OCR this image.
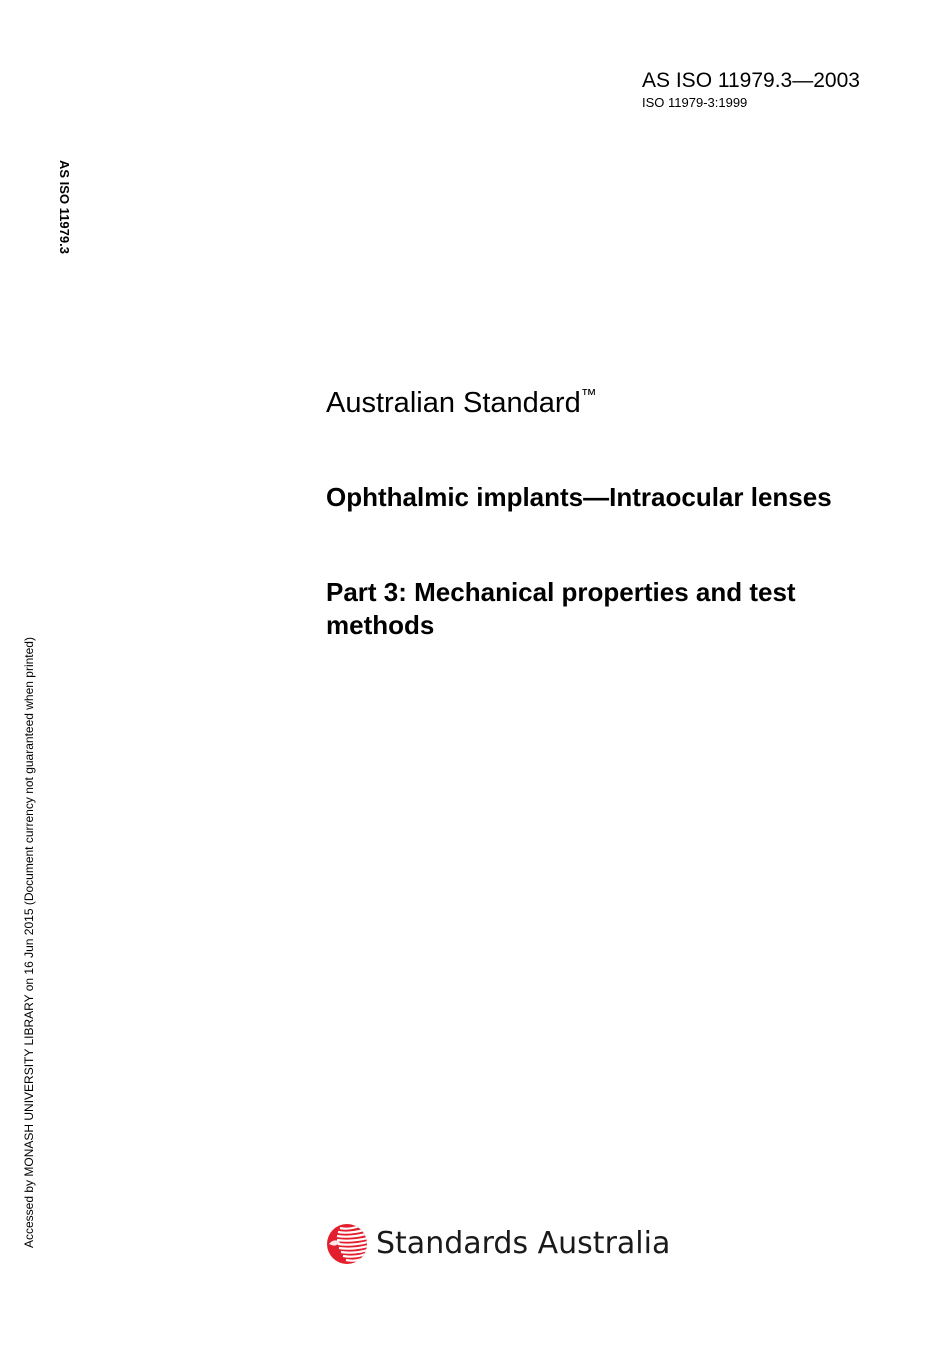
AS ISO 11979.3—2003
ISO 11979-3:1999
AS ISO 11979.3
Accessed by MONASH UNIVERSITY LIBRARY on 16 Jun 2015 (Document currency not guaranteed when printed)
Australian Standard™
Ophthalmic implants—Intraocular lenses
Part 3: Mechanical properties and test methods
Standards Australia
